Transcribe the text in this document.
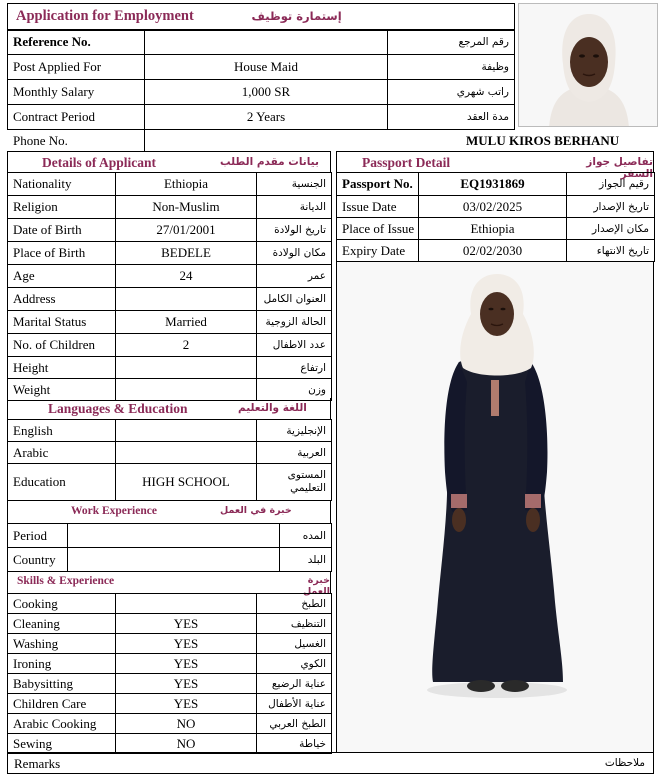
Application for Employment	إستمارة توظيف
Reference No.		رقم المرجع
Post Applied For	House Maid	وظيفة
Monthly Salary	1,000 SR	راتب شهري
Contract Period	2 Years	مدة العقد
Phone No.	MULU KIROS BERHANU
Details of Applicant	بيانات مقدم الطلب
Nationality	Ethiopia	الجنسية
Religion	Non-Muslim	الديانة
Date of Birth	27/01/2001	تاريخ الولادة
Place of Birth	BEDELE	مكان الولادة
Age	24	عمر
Address		العنوان الكامل
Marital Status	Married	الحالة الزوجية
No. of Children	2	عدد الاطفال
Height		ارتفاع
Weight		وزن
Languages & Education	اللغة والتعليم
English		الإنجليزية
Arabic		العربية
Education	HIGH SCHOOL	المستوى التعليمي
Work Experience	خبرة في العمل
Period		المده
Country		البلد
Skills & Experience	خبرة العمل
Cooking		الطبخ
Cleaning	YES	التنظيف
Washing	YES	الغسيل
Ironing	YES	الكوي
Babysitting	YES	عناية الرضيع
Children Care	YES	عناية الأطفال
Arabic Cooking	NO	الطبخ العربي
Sewing	NO	خياطة
Passport Detail	تفاصيل جواز السفر
Passport No.	EQ1931869	رقيم الجواز
Issue Date	03/02/2025	تاريخ الإصدار
Place of Issue	Ethiopia	مكان الإصدار
Expiry Date	02/02/2030	تاريخ الانتهاء
Remarks	ملاحظات
